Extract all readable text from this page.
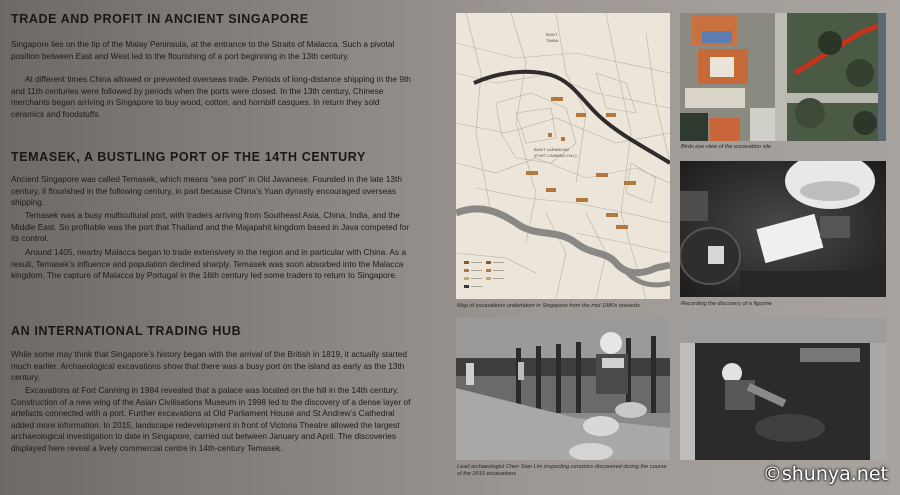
TRADE AND PROFIT IN ANCIENT SINGAPORE
Singapore lies on the tip of the Malay Peninsula, at the entrance to the Straits of Malacca. Such a pivotal position between East and West led to the flourishing of a port beginning in the 13th century.
At different times China allowed or prevented overseas trade. Periods of long-distance shipping in the 9th and 11th centuries were followed by periods when the ports were closed. In the 13th century, Chinese merchants began arriving in Singapore to buy wood, cotton, and hornbill casques. In return they sold ceramics and foodstuffs.
TEMASEK, A BUSTLING PORT OF THE 14TH CENTURY
Ancient Singapore was called Temasek, which means “sea port” in Old Javanese. Founded in the late 13th century, it flourished in the following century, in part because China’s Yuan dynasty encouraged overseas shipping.
Temasek was a busy multicultural port, with traders arriving from Southeast Asia, China, India, and the Middle East. So profitable was the port that Thailand and the Majapahit kingdom based in Java competed for its control.
Around 1405, nearby Malacca began to trade extensively in the region and in particular with China. As a result, Temasek’s influence and population declined sharply. Temasek was soon absorbed into the Malacca kingdom. The capture of Malacca by Portugal in the 16th century led some traders to return to Singapore.
AN INTERNATIONAL TRADING HUB
While some may think that Singapore’s history began with the arrival of the British in 1819, it actually started much earlier. Archaeological excavations show that there was a busy port on the island as early as the 13th century.
Excavations at Fort Canning in 1984 revealed that a palace was located on the hill in the 14th century. Construction of a new wing of the Asian Civilisations Museum in 1998 led to the discovery of a dense layer of artefacts connected with a port. Further excavations at Old Parliament House and St Andrew’s Cathedral added more information. In 2015, landscape redevelopment in front of Victoria Theatre allowed the largest archaeological investigation to date in Singapore, carried out between January and April. The discoveries displayed here reveal a lively commercial centre in 14th-century Temasek.
BUKIT
TIMAH
BUKIT LARANGAN
(FORT CANNING HILL)
Map of excavations undertaken in Singapore from the mid 1980s onwards
Birds eye view of the excavation site
Recording the discovery of a figurine
Lead archaeologist Chen Sian Lim inspecting ceramics discovered during the course of the 2015 excavations	©shunya.net
